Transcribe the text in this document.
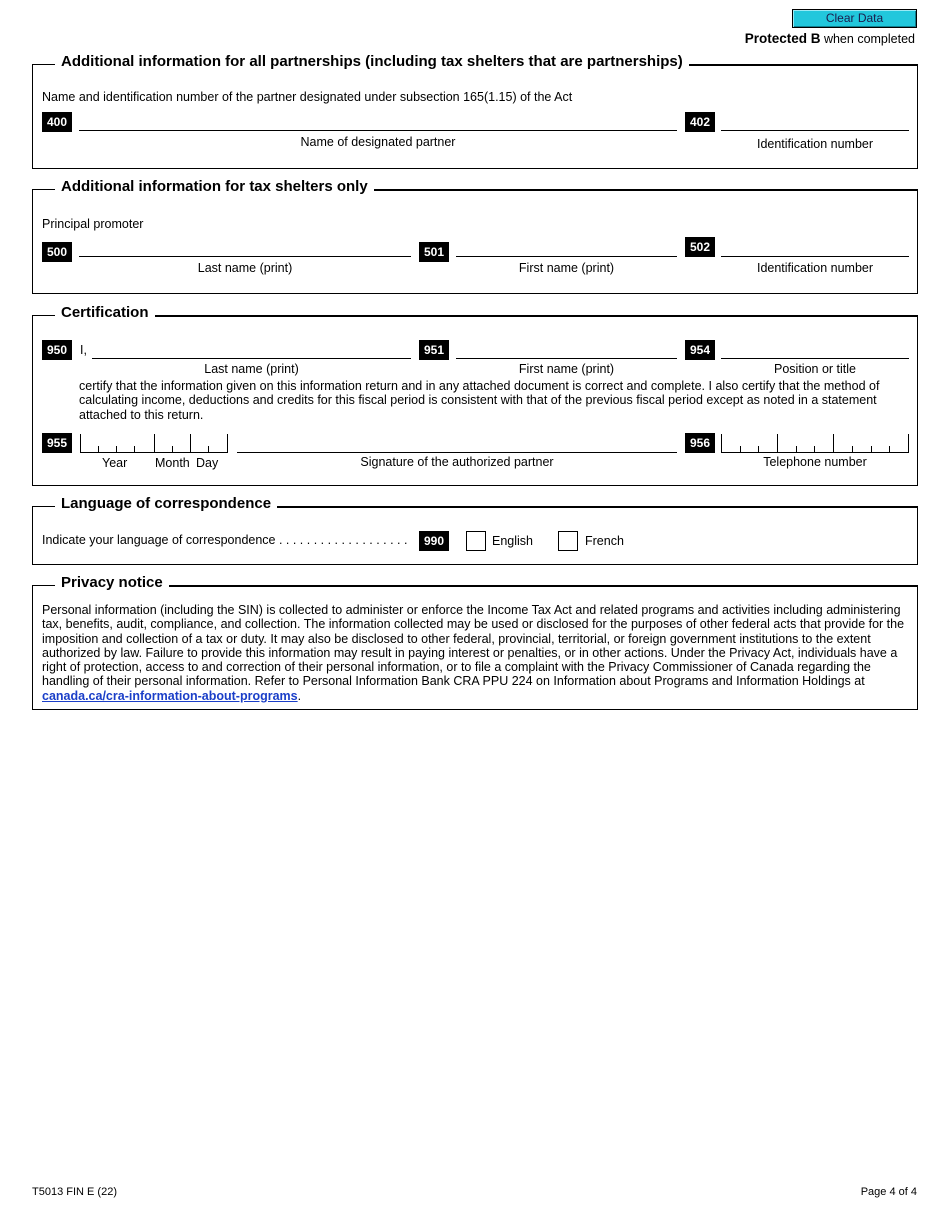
Clear Data
Protected B when completed
Additional information for all partnerships (including tax shelters that are partnerships)
Name and identification number of the partner designated under subsection 165(1.15) of the Act
400
Name of designated partner
402
Identification number
Additional information for tax shelters only
Principal promoter
500
Last name (print)
501
First name (print)
502
Identification number
Certification
950	I,
Last name (print)
951
First name (print)
954
Position or title
certify that the information given on this information return and in any attached document is correct and complete. I also certify that the method of calculating income, deductions and credits for this fiscal period is consistent with that of the previous fiscal period except as noted in a statement attached to this return.
955
Year Month Day	Signature of the authorized partner
956
Telephone number
Language of correspondence
Indicate your language of correspondence . . . . . . . . . . . . . . . . . . .	990	English	French
Privacy notice
Personal information (including the SIN) is collected to administer or enforce the Income Tax Act and related programs and activities including administering tax, benefits, audit, compliance, and collection. The information collected may be used or disclosed for the purposes of other federal acts that provide for the imposition and collection of a tax or duty. It may also be disclosed to other federal, provincial, territorial, or foreign government institutions to the extent authorized by law. Failure to provide this information may result in paying interest or penalties, or in other actions. Under the Privacy Act, individuals have a right of protection, access to and correction of their personal information, or to file a complaint with the Privacy Commissioner of Canada regarding the handling of their personal information. Refer to Personal Information Bank CRA PPU 224 on Information about Programs and Information Holdings at canada.ca/cra-information-about-programs.
T5013 FIN E (22)	Page 4 of 4
